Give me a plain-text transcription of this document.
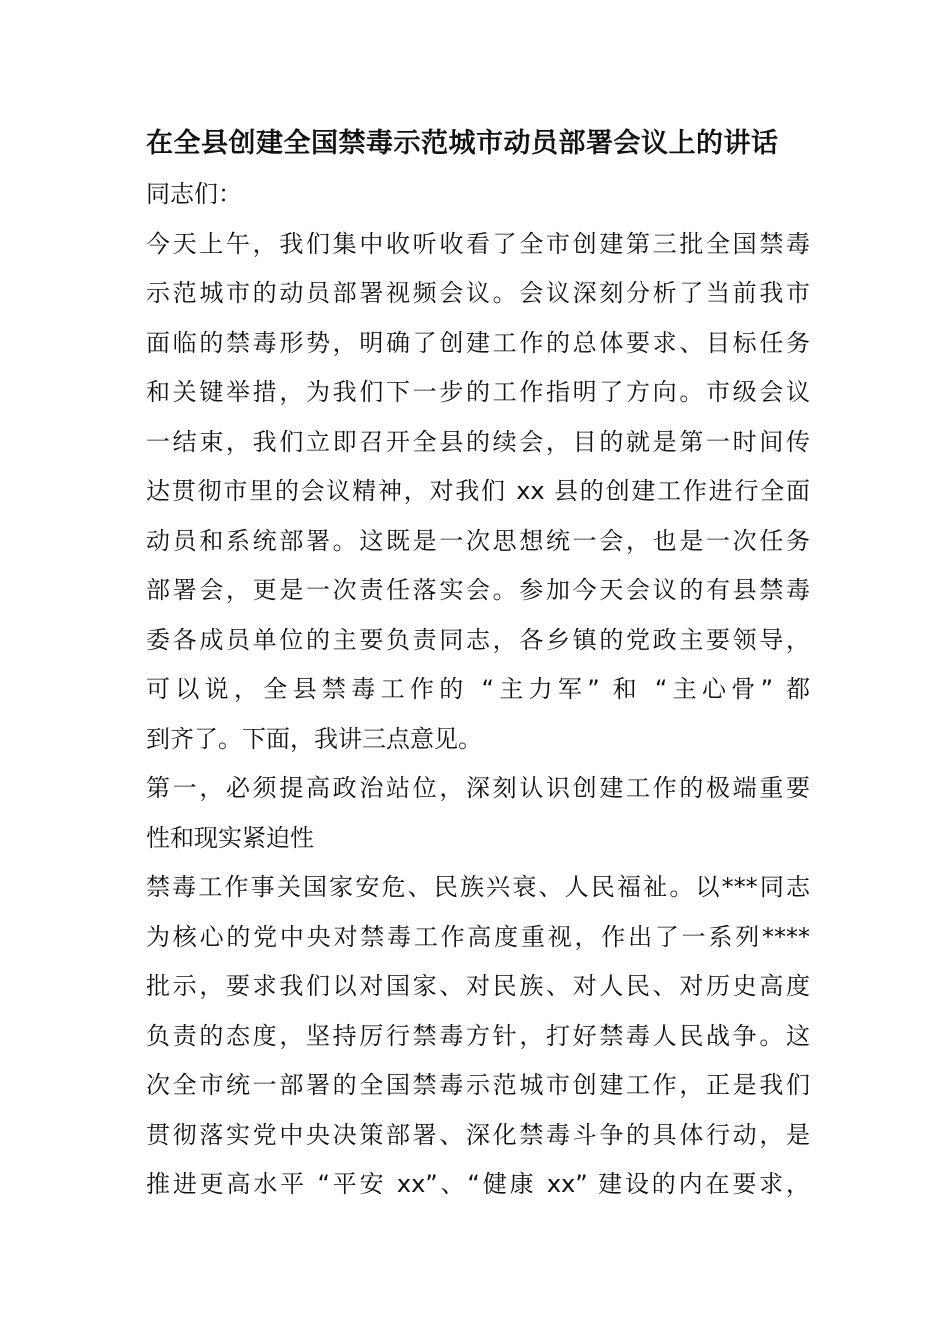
在全县创建全国禁毒示范城市动员部署会议上的讲话

同志们：

今天上午，我们集中收听收看了全市创建第三批全国禁毒

示范城市的动员部署视频会议。会议深刻分析了当前我市

面临的禁毒形势，明确了创建工作的总体要求、目标任务

和关键举措，为我们下一步的工作指明了方向。市级会议

一结束，我们立即召开全县的续会，目的就是第一时间传

达贯彻市里的会议精神，对我们 xx 县的创建工作进行全面

动员和系统部署。这既是一次思想统一会，也是一次任务

部署会，更是一次责任落实会。参加今天会议的有县禁毒

委各成员单位的主要负责同志，各乡镇的党政主要领导，

可以说，全县禁毒工作的 “主力军” 和 “主心骨” 都

到齐了。下面，我讲三点意见。

第一，必须提高政治站位，深刻认识创建工作的极端重要

性和现实紧迫性

禁毒工作事关国家安危、民族兴衰、人民福祉。以***同志

为核心的党中央对禁毒工作高度重视，作出了一系列****

批示，要求我们以对国家、对民族、对人民、对历史高度

负责的态度，坚持厉行禁毒方针，打好禁毒人民战争。这

次全市统一部署的全国禁毒示范城市创建工作，正是我们

贯彻落实党中央决策部署、深化禁毒斗争的具体行动，是

推进更高水平 “平安 xx”、“健康 xx” 建设的内在要求，
